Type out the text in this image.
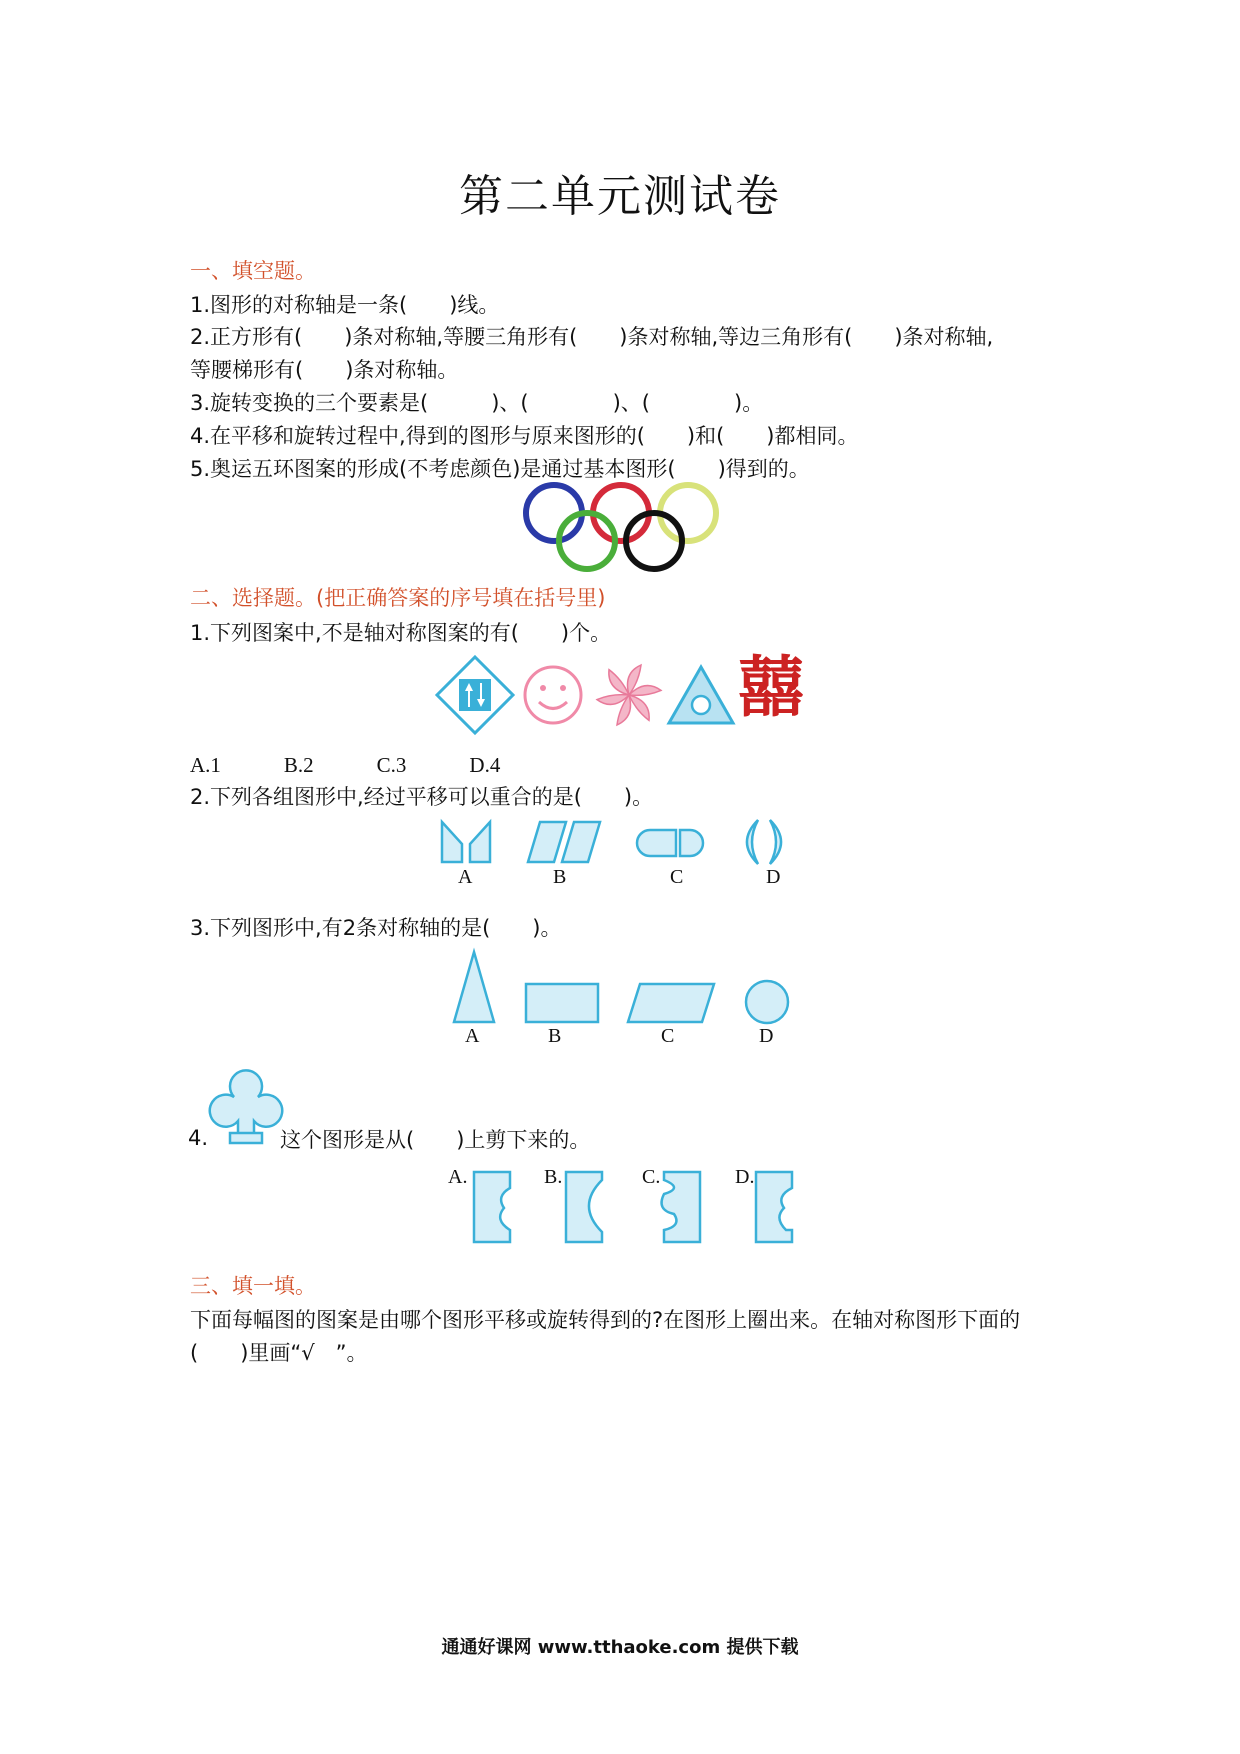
第二单元测试卷
一、填空题。
1.图形的对称轴是一条(　　)线。
2.正方形有(　　)条对称轴,等腰三角形有(　　)条对称轴,等边三角形有(　　)条对称轴,
等腰梯形有(　　)条对称轴。
3.旋转变换的三个要素是(　　　)、(　　　　)、(　　　　)。
4.在平移和旋转过程中,得到的图形与原来图形的(　　)和(　　)都相同。
5.奥运五环图案的形成(不考虑颜色)是通过基本图形(　　)得到的。
二、选择题。(把正确答案的序号填在括号里)
1.下列图案中,不是轴对称图案的有(　　)个。
囍
A.1　　　B.2　　　C.3　　　D.4
2.下列各组图形中,经过平移可以重合的是(　　)。
A	B	C	D
3.下列图形中,有2条对称轴的是(　　)。
A	B	C	D
4.	这个图形是从(　　)上剪下来的。
A.	B.	C.	D.
三、填一填。
下面每幅图的图案是由哪个图形平移或旋转得到的?在图形上圈出来。在轴对称图形下面的
(　　)里画“√　”。
通通好课网 www.tthaoke.com 提供下载
